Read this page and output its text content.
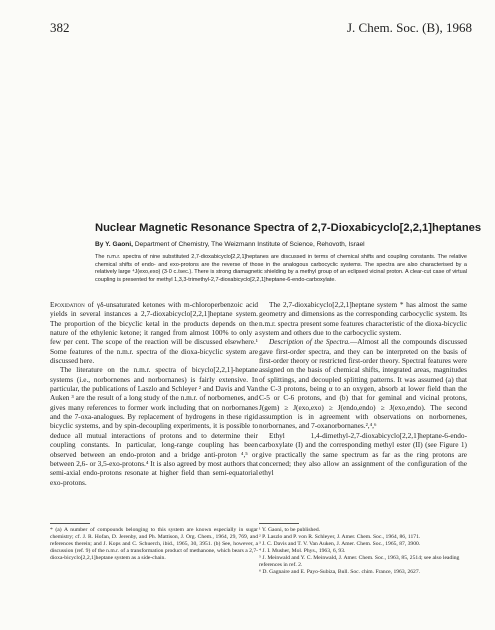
382	J. Chem. Soc. (B), 1968
Nuclear Magnetic Resonance Spectra of 2,7-Dioxabicyclo[2,2,1]heptanes
By Y. Gaoni, Department of Chemistry, The Weizmann Institute of Science, Rehovoth, Israel
The n.m.r. spectra of nine substituted 2,7-dioxabicyclo[2,2,1]heptanes are discussed in terms of chemical shifts and coupling constants. The relative chemical shifts of endo- and exo-protons are the reverse of those in the analogous carbocyclic systems. The spectra are also characterised by a relatively large ⁴J(exo,exo) (3·0 c./sec.). There is strong diamagnetic shielding by a methyl group of an eclipsed vicinal proton. A clear-cut case of virtual coupling is presented for methyl 1,3,3-trimethyl-2,7-dioxabicyclo[2,2,1]heptane-6-endo-carboxylate.

Epoxidation of γδ-unsaturated ketones with m-chloroperbenzoic acid yields in several instances a 2,7-dioxabicyclo[2,2,1]heptane system. The proportion of the bicyclic ketal in the products depends on the nature of the ethylenic ketone; it ranged from almost 100% to only a few per cent. The scope of the reaction will be discussed elsewhere.¹ Some features of the n.m.r. spectra of the dioxa-bicyclic system are discussed here.

The literature on the n.m.r. spectra of bicyclo[2,2,1]-heptane systems (i.e., norbornenes and norbornanes) is fairly extensive. In particular, the publications of Laszlo and Schleyer ² and Davis and Van Auken ³ are the result of a long study of the n.m.r. of norbornenes, and gives many references to former work including that on norbornanes and the 7-oxa-analogues. By replacement of hydrogens in these rigid bicyclic systems, and by spin-decoupling experiments, it is possible to deduce all mutual interactions of protons and to determine their coupling constants. In particular, long-range coupling has been observed between an endo-proton and a bridge anti-proton ⁴,⁵ or between 2,6- or 3,5-exo-protons.⁴ It is also agreed by most authors that semi-axial endo-protons resonate at higher field than semi-equatorial exo-protons.

The 2,7-dioxabicyclo[2,2,1]heptane system * has almost the same geometry and dimensions as the corresponding carbocyclic system. Its n.m.r. spectra present some features characteristic of the dioxa-bicyclic system and others due to the carbocyclic system.

Description of the Spectra.—Almost all the compounds discussed gave first-order spectra, and they can be interpreted on the basis of first-order theory or restricted first-order theory. Spectral features were assigned on the basis of chemical shifts, integrated areas, magnitudes of splittings, and decoupled splitting patterns. It was assumed (a) that the C-3 protons, being α to an oxygen, absorb at lower field than the C-5 or C-6 protons, and (b) that for geminal and vicinal protons, J(gem) ≥ J(exo,exo) ≥ J(endo,endo) ≥ J(exo,endo). The second assumption is in agreement with observations on norbornenes, norbornanes, and 7-oxanorbornanes.²,⁴,⁶

Ethyl 1,4-dimethyl-2,7-dioxabicyclo[2,2,1]heptane-6-endo-carboxylate (I) and the corresponding methyl ester (II) (see Figure 1) give practically the same spectrum as far as the ring protons are concerned; they also allow an assignment of the configuration of the ethyl

* (a) A number of compounds belonging to this system are known especially in sugar chemistry; cf. J. R. Hofan, D. Jerenby, and Ph. Mattison, J. Org. Chem., 1964, 29, 769, and references therein; and J. Kops and C. Schuerch, ibid., 1965, 30, 3951. (b) See, however, a discussion (ref. 9) of the n.m.r. of a transformation product of methanone, which bears a 2,7-dioxa-bicyclo[2,2,1]heptane system as a side-chain.
¹ Y. Gaoni, to be published.
² P. Laszlo and P. von R. Schleyer, J. Amer. Chem. Soc., 1964, 86, 1171.
³ J. C. Davis and T. V. Van Auken, J. Amer. Chem. Soc., 1965, 87, 3900.
⁴ J. I. Musher, Mol. Phys., 1963, 6, 93.
⁵ J. Meinwald and Y. C. Meinwald, J. Amer. Chem. Soc., 1963, 85, 2514; see also leading references in ref. 2.
⁶ D. Gagnaire and E. Payo-Subiza, Bull. Soc. chim. France, 1963, 2627.
